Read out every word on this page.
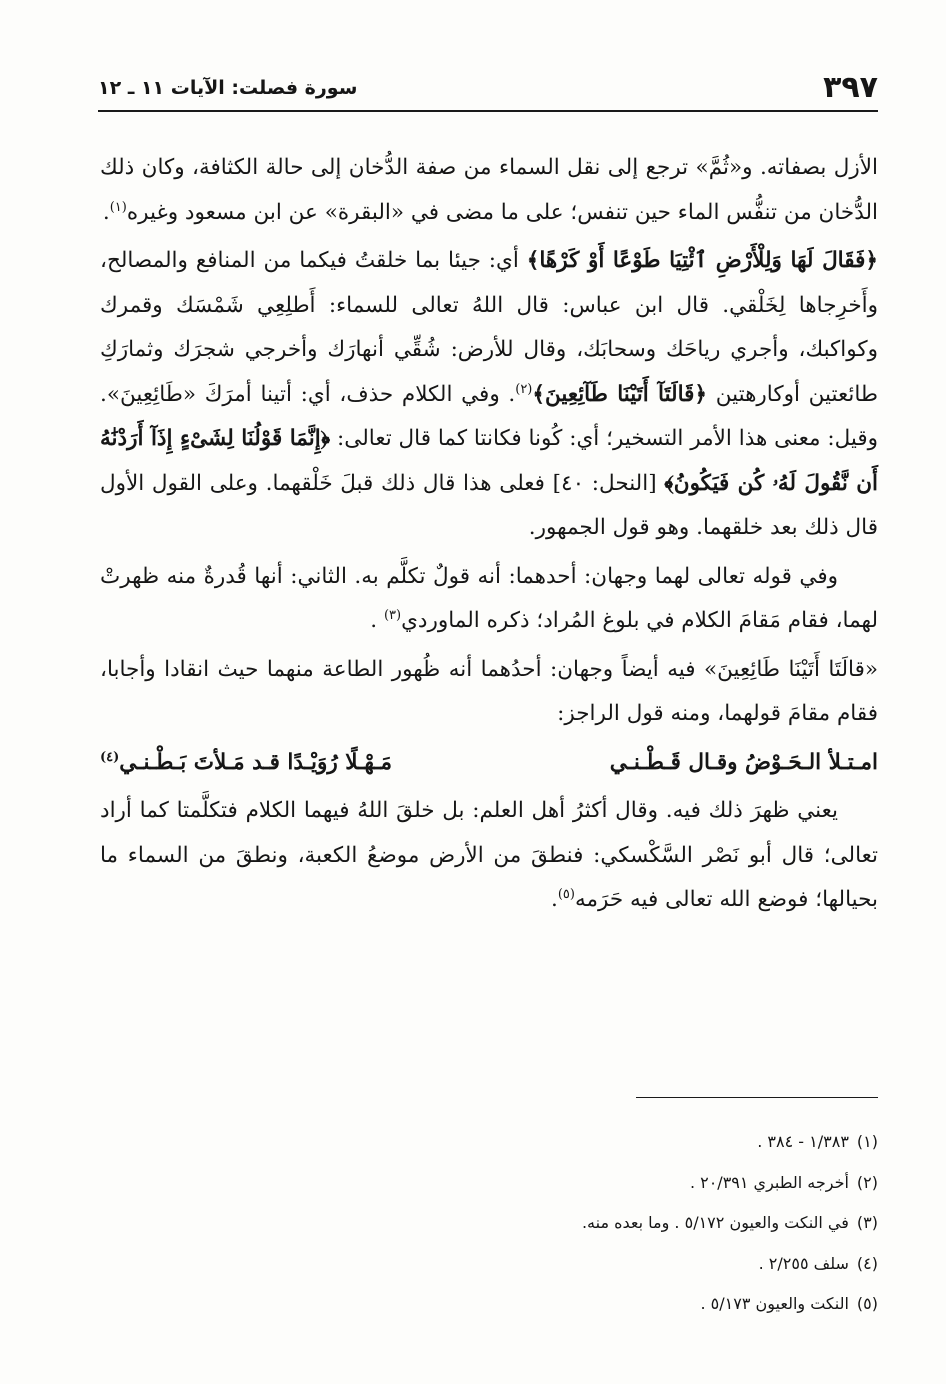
٣٩٧
سورة فصلت: الآيات ١١ ـ ١٢

الأزل بصفاته. و«ثُمَّ» ترجع إلى نقل السماء من صفة الدُّخان إلى حالة الكثافة، وكان ذلك الدُّخان من تنفُّس الماء حين تنفس؛ على ما مضى في «البقرة» عن ابن مسعود وغيره$^{(١)}$.

﴿فَقَالَ لَهَا وَلِلْأَرْضِ ٱئْتِيَا طَوْعًا أَوْ كَرْهًا﴾ أي: جيئا بما خلقتُ فيكما من المنافع والمصالح، وأَخرِجاها لِخَلْقي. قال ابن عباس: قال اللهُ تعالى للسماء: أَطلِعِي شَمْسَك وقمرك وكواكبك، وأجري رياحَك وسحابَك، وقال للأرض: شُقِّي أنهارَك وأخرجي شجرَك وثمارَكِ طائعتين أوكارهتين ﴿قَالَتَآ أَتَيْنَا طَآئِعِينَ﴾$^{(٢)}$. وفي الكلام حذف، أي: أتينا أمرَكَ «طَائِعِينَ». وقيل: معنى هذا الأمر التسخير؛ أي: كُونا فكانتا كما قال تعالى: ﴿إِنَّمَا قَوْلُنَا لِشَىْءٍ إِذَآ أَرَدْنَٰهُ أَن نَّقُولَ لَهُۥ كُن فَيَكُونُ﴾ [النحل: ٤٠] فعلى هذا قال ذلك قبلَ خَلْقهما. وعلى القول الأول قال ذلك بعد خلقهما. وهو قول الجمهور.

وفي قوله تعالى لهما وجهان: أحدهما: أنه قولٌ تكلَّم به. الثاني: أنها قُدرةٌ منه ظهرتْ لهما، فقام مَقامَ الكلام في بلوغ المُراد؛ ذكره الماوردي$^{(٣)}$ .

«قالَتَا أَتَيْنَا طَائِعِينَ» فيه أيضاً وجهان: أحدُهما أنه ظُهور الطاعة منهما حيث انقادا وأجابا، فقام مقامَ قولهما، ومنه قول الراجز:

امـتـلأ الـحَـوْضُ وقـال قَـطْـنـي
مَـهْـلًا رُوَيْـدًا قـد مَـلأتَ بَـطْـنـي$^{(٤)}$

يعني ظهرَ ذلك فيه. وقال أكثرُ أهل العلم: بل خلقَ اللهُ فيهما الكلام فتكلَّمتا كما أراد تعالى؛ قال أبو نَصْر السَّكْسكي: فنطقَ من الأرض موضعُ الكعبة، ونطقَ من السماء ما بحيالها؛ فوضع الله تعالى فيه حَرَمه$^{(٥)}$.

(١)١/٣٨٣ - ٣٨٤ .
(٢)أخرجه الطبري ٢٠/٣٩١ .
(٣)في النكت والعيون ٥/١٧٢ . وما بعده منه.
(٤)سلف ٢/٢٥٥ .
(٥)النكت والعيون ٥/١٧٣ .
